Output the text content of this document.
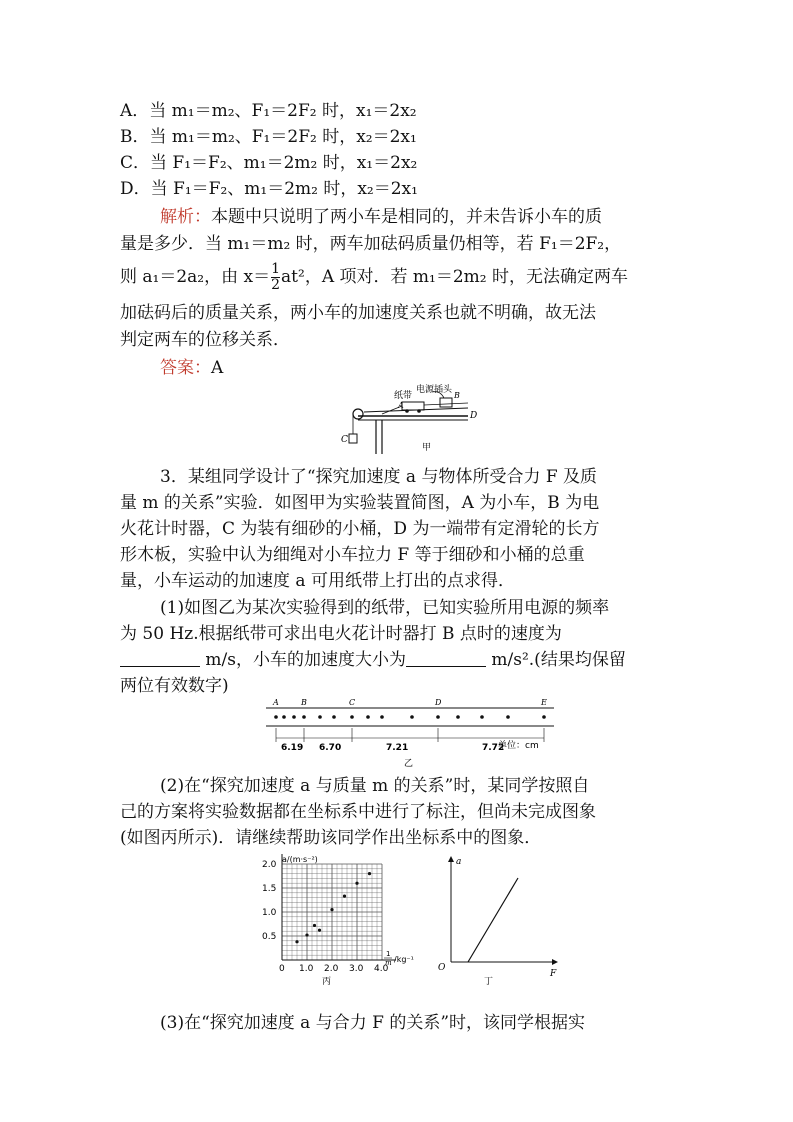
A．当 m₁＝m₂、F₁＝2F₂ 时，x₁＝2x₂
B．当 m₁＝m₂、F₁＝2F₂ 时，x₂＝2x₁
C．当 F₁＝F₂、m₁＝2m₂ 时，x₁＝2x₂
D．当 F₁＝F₂、m₁＝2m₂ 时，x₂＝2x₁
解析：本题中只说明了两小车是相同的，并未告诉小车的质
量是多少．当 m₁＝m₂ 时，两车加砝码质量仍相等，若 F₁＝2F₂，
则 a₁＝2a₂，由 $x= \frac{1}{2} at^2$，A 项对．若 m₁＝2m₂ 时，无法确定两车
加砝码后的质量关系，两小车的加速度关系也就不明确，故无法
判定两车的位移关系．
答案：A
纸带
电源插头
A
B
C
D
甲
3．某组同学设计了“探究加速度 a 与物体所受合力 F 及质
量 m 的关系”实验．如图甲为实验装置简图，A 为小车，B 为电
火花计时器，C 为装有细砂的小桶，D 为一端带有定滑轮的长方
形木板，实验中认为细绳对小车拉力 F 等于细砂和小桶的总重
量，小车运动的加速度 a 可用纸带上打出的点求得．
(1)如图乙为某次实验得到的纸带，已知实验所用电源的频率
为 50 Hz.根据纸带可求出电火花计时器打 B 点时的速度为
m/s，小车的加速度大小为	m/s².(结果均保留
两位有效数字)
A	B	C	D	E
6.19 6.70	7.21	7.72
单位：cm
乙
(2)在“探究加速度 a 与质量 m 的关系”时，某同学按照自
己的方案将实验数据都在坐标系中进行了标注，但尚未完成图象
(如图丙所示)．请继续帮助该同学作出坐标系中的图象．
2.0
1.5
1.0
0.5
0 1.0 2.0 3.0 4.0
a/(m·s⁻²)
1
m /kg⁻¹
丙
a
F
O
丁
(3)在“探究加速度 a 与合力 F 的关系”时，该同学根据实
